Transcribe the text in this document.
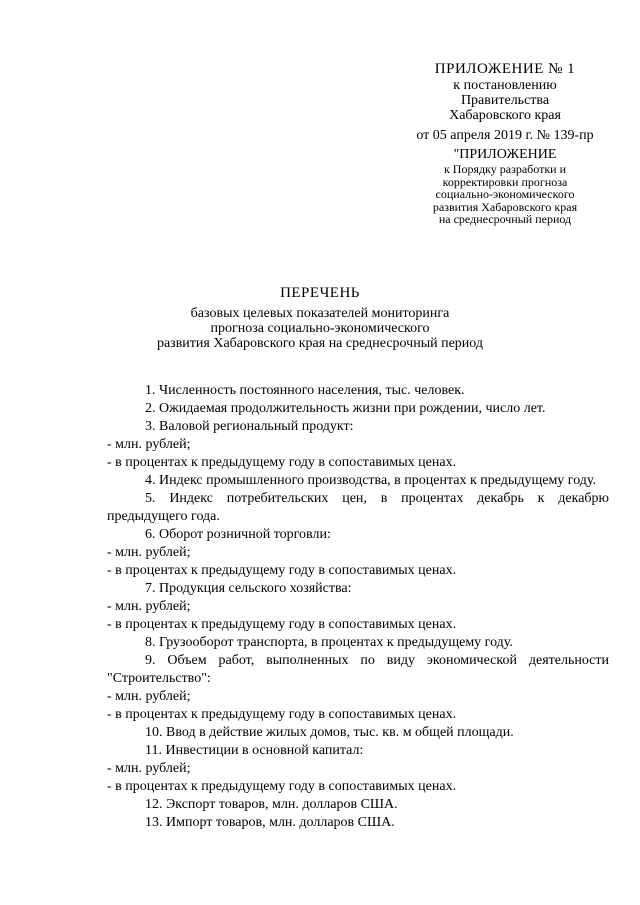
ПРИЛОЖЕНИЕ № 1
к постановлению
Правительства
Хабаровского края
от 05 апреля 2019 г. № 139-пр
"ПРИЛОЖЕНИЕ
к Порядку разработки и
корректировки прогноза
социально-экономического
развития Хабаровского края
на среднесрочный период
ПЕРЕЧЕНЬ
базовых целевых показателей мониторинга
прогноза социально-экономического
развития Хабаровского края на среднесрочный период

1. Численность постоянного населения, тыс. человек.

2. Ожидаемая продолжительность жизни при рождении, число лет.

3. Валовой региональный продукт:

- млн. рублей;

- в процентах к предыдущему году в сопоставимых ценах.

4. Индекс промышленного производства, в процентах к предыдущему году.

5. Индекс потребительских цен, в процентах декабрь к декабрю предыдущего года.

6. Оборот розничной торговли:

- млн. рублей;

- в процентах к предыдущему году в сопоставимых ценах.

7. Продукция сельского хозяйства:

- млн. рублей;

- в процентах к предыдущему году в сопоставимых ценах.

8. Грузооборот транспорта, в процентах к предыдущему году.

9. Объем работ, выполненных по виду экономической деятельности "Строительство":

- млн. рублей;

- в процентах к предыдущему году в сопоставимых ценах.

10. Ввод в действие жилых домов, тыс. кв. м общей площади.

11. Инвестиции в основной капитал:

- млн. рублей;

- в процентах к предыдущему году в сопоставимых ценах.

12. Экспорт товаров, млн. долларов США.

13. Импорт товаров, млн. долларов США.
